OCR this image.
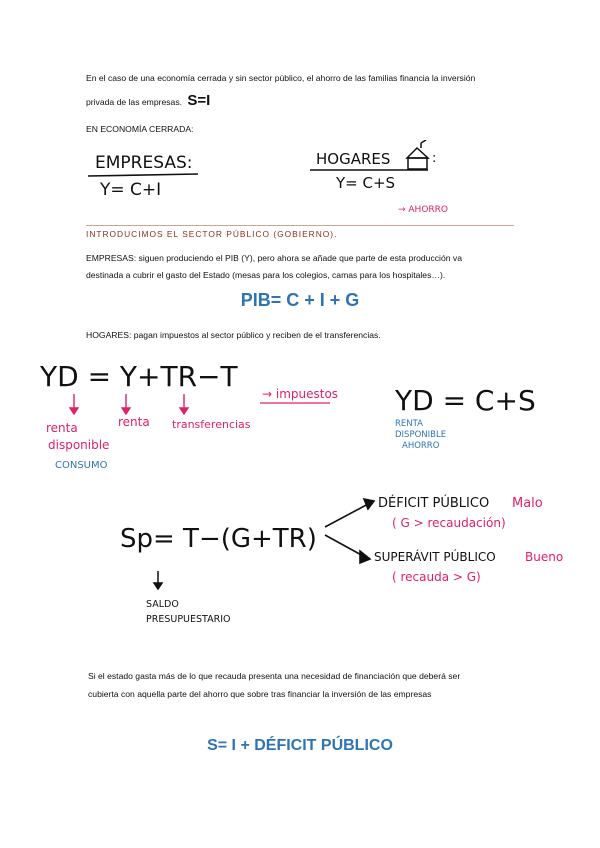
En el caso de una economía cerrada y sin sector público, el ahorro de las familias financia la inversión
privada de las empresas. S=I
EN ECONOMÍA CERRADA:
EMPRESAS:
Y= C+I
HOGARES	:
Y= C+S
→ AHORRO
INTRODUCIMOS EL SECTOR PÚBLICO (GOBIERNO).
EMPRESAS: siguen produciendo el PIB (Y), pero ahora se añade que parte de esta producción va
destinada a cubrir el gasto del Estado (mesas para los colegios, camas para los hospitales…).
PIB= C + I + G
HOGARES: pagan impuestos al sector público y reciben de el transferencias.
YD = Y+TR−T
→ impuestos
renta
disponible
CONSUMO
renta transferencias
YD = C+S
RENTA
DISPONIBLE
AHORRO
Sp= T−(G+TR)
DÉFICIT PÚBLICO Malo
( G > recaudación)
SUPERÁVIT PÚBLICO Bueno
( recauda > G)
SALDO
PRESUPUESTARIO
Si el estado gasta más de lo que recauda presenta una necesidad de financiación que deberá ser
cubierta con aquella parte del ahorro que sobre tras financiar la inversión de las empresas
S= I + DÉFICIT PÚBLICO
